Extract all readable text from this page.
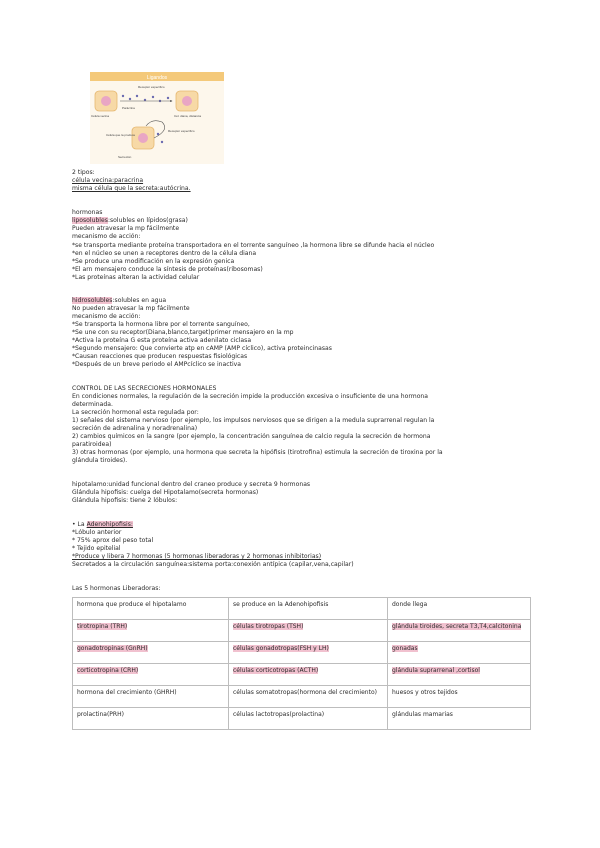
Ligandos
Receptor específico
Parácrina
Célula vecina	Cél. diana, distancia
Célula que la produce
Receptor específico
Secreción
2 tipos:
célula vecina:paracrina
misma célula que la secreta:autócrina.
hormonas
liposolubles:solubles en lípidos(grasa)
Pueden atravesar la mp fácilmente
mecanismo de acción:
*se transporta mediante proteína transportadora en el torrente sanguíneo ,la hormona libre se difunde hacia el núcleo
*en el núcleo se unen a receptores dentro de la célula diana
*Se produce una modificación en la expresión genica
*El arn mensajero conduce la síntesis de proteínas(ribosomas)
*Las proteínas alteran la actividad celular
hidrosolubles:solubles en agua
No pueden atravesar la mp fácilmente
mecanismo de acción:
*Se transporta la hormona libre por el torrente sanguíneo,
*Se une con su receptor(Diana,blanco,target)primer mensajero en la mp
*Activa la proteína G esta proteína activa adenilato ciclasa
*Segundo mensajero: Que convierte atp en cAMP (AMP cíclico), activa proteincinasas
*Causan reacciones que producen respuestas fisiológicas
*Después de un breve periodo el AMPcíclico se inactiva
CONTROL DE LAS SECRECIONES HORMONALES
En condiciones normales, la regulación de la secreción impide la producción excesiva o insuficiente de una hormona
determinada.
La secreción hormonal esta regulada por:
1) señales del sistema nervioso (por ejemplo, los impulsos nerviosos que se dirigen a la medula suprarrenal regulan la
secreción de adrenalina y noradrenalina)
2) cambios químicos en la sangre (por ejemplo, la concentración sanguínea de calcio regula la secreción de hormona
paratiroidea)
3) otras hormonas (por ejemplo, una hormona que secreta la hipófisis (tirotrofina) estimula la secreción de tiroxina por la
glándula tiroides).
hipotalamo:unidad funcional dentro del craneo produce y secreta 9 hormonas
Glándula hipofisis: cuelga del Hipotalamo(secreta hormonas)
Glándula hipofisis: tiene 2 lóbulos:
• La Adenohipofisis:
*Lóbulo anterior
* 75% aprox del peso total
* Tejido epitelial
*Produce y libera 7 hormonas (5 hormonas liberadoras y 2 hormonas inhibitorias)
Secretados a la circulación sanguínea:sistema porta:conexión antípica (capilar,vena,capilar)
Las 5 hormonas Liberadoras:
hormona que produce el hipotalamo	se produce en la Adenohipofisis	donde llega
tirotropina (TRH)	células tirotropas (TSH)	glándula tiroides, secreta T3,T4,calcitonina
gonadotropinas (GnRH)	células gonadotropas(FSH y LH)	gonadas
corticotropina (CRH)	células corticotropas (ACTH)	glándula suprarrenal ,cortisol
hormona del crecimiento (GHRH)	células somatotropas(hormona del crecimiento)	huesos y otros tejidos
prolactina(PRH)	células lactotropas(prolactina)	glándulas mamarias
